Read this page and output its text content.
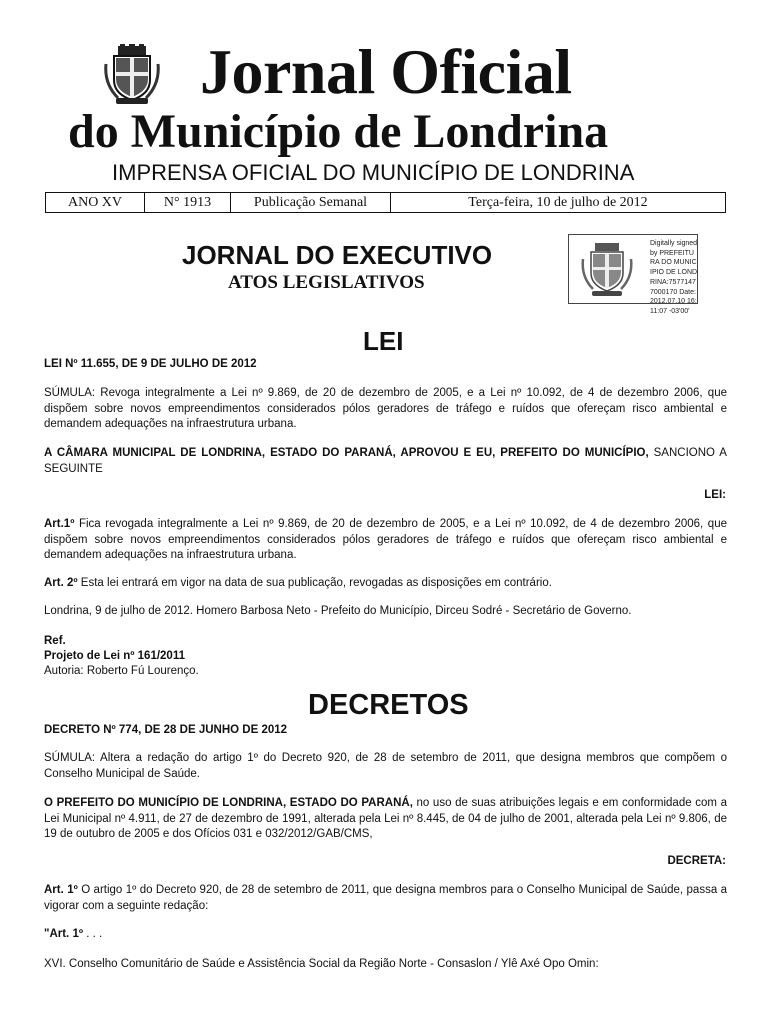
Jornal Oficial
do Município de Londrina
IMPRENSA OFICIAL DO MUNICÍPIO DE LONDRINA
ANO XV	N° 1913	Publicação Semanal	Terça-feira, 10 de julho de 2012
JORNAL DO EXECUTIVO
ATOS LEGISLATIVOS
Digitally signed by PREFEITURA DO MUNICIPIO DE LONDRINA:75771477000170 Date: 2012.07.10 16:11:07 -03'00'
LEI
LEI Nº 11.655, DE 9 DE JULHO DE 2012
SÚMULA: Revoga integralmente a Lei nº 9.869, de 20 de dezembro de 2005, e a Lei nº 10.092, de 4 de dezembro 2006, que dispõem sobre novos empreendimentos considerados pólos geradores de tráfego e ruídos que ofereçam risco ambiental e demandem adequações na infraestrutura urbana.
A CÂMARA MUNICIPAL DE LONDRINA, ESTADO DO PARANÁ, APROVOU E EU, PREFEITO DO MUNICÍPIO, SANCIONO A SEGUINTE
LEI:
Art.1º Fica revogada integralmente a Lei nº 9.869, de 20 de dezembro de 2005, e a Lei nº 10.092, de 4 de dezembro 2006, que dispõem sobre novos empreendimentos considerados pólos geradores de tráfego e ruídos que ofereçam risco ambiental e demandem adequações na infraestrutura urbana.
Art. 2º Esta lei entrará em vigor na data de sua publicação, revogadas as disposições em contrário.
Londrina, 9 de julho de 2012. Homero Barbosa Neto - Prefeito do Município, Dirceu Sodré - Secretário de Governo.
Ref.
Projeto de Lei nº 161/2011
Autoria: Roberto Fú Lourenço.
DECRETOS
DECRETO Nº 774, DE 28 DE JUNHO DE 2012
SÚMULA: Altera a redação do artigo 1º do Decreto 920, de 28 de setembro de 2011, que designa membros que compõem o Conselho Municipal de Saúde.
O PREFEITO DO MUNICÍPIO DE LONDRINA, ESTADO DO PARANÁ, no uso de suas atribuições legais e em conformidade com a Lei Municipal nº 4.911, de 27 de dezembro de 1991, alterada pela Lei nº 8.445, de 04 de julho de 2001, alterada pela Lei nº 9.806, de 19 de outubro de 2005 e dos Ofícios 031 e 032/2012/GAB/CMS,
DECRETA:
Art. 1º O artigo 1º do Decreto 920, de 28 de setembro de 2011, que designa membros para o Conselho Municipal de Saúde, passa a vigorar com a seguinte redação:
"Art. 1º . . .
XVI. Conselho Comunitário de Saúde e Assistência Social da Região Norte - Consaslon / Ylê Axé Opo Omin:
